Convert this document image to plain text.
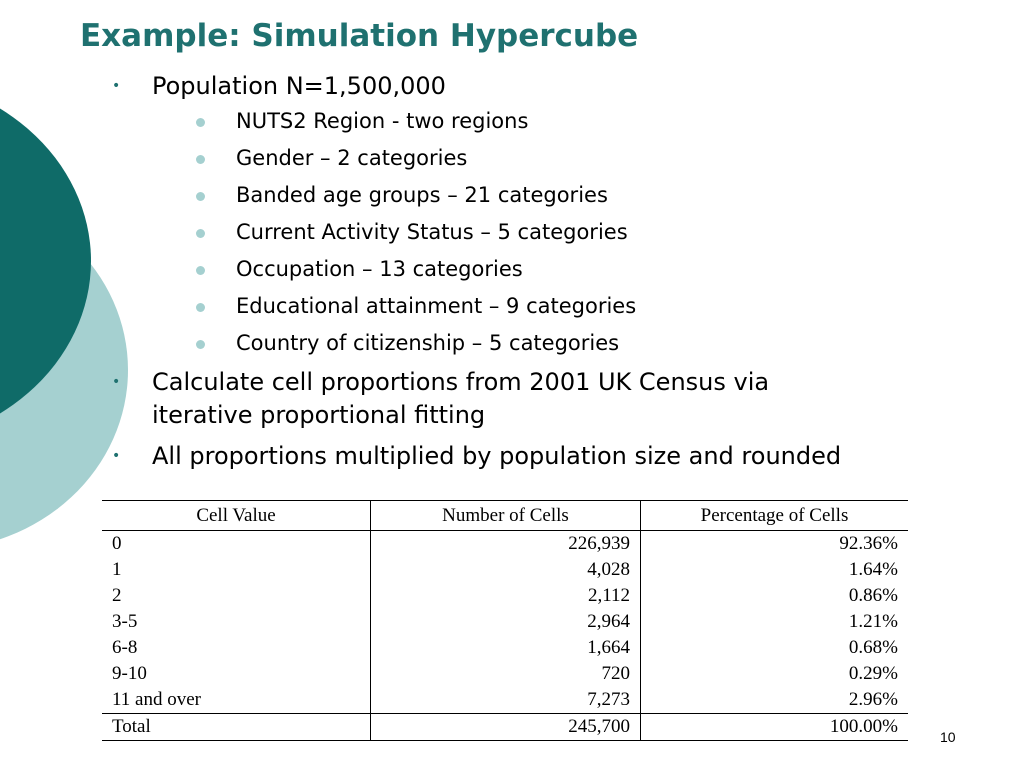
Example: Simulation Hypercube
• Population N=1,500,000
NUTS2 Region - two regions
Gender – 2 categories
Banded age groups – 21 categories
Current Activity Status – 5 categories
Occupation – 13 categories
Educational attainment – 9 categories
Country of citizenship – 5 categories
• Calculate cell proportions from 2001 UK Census via
iterative proportional fitting
• All proportions multiplied by population size and rounded
Cell Value	Number of Cells	Percentage of Cells
0	226,939	92.36%
1	4,028	1.64%
2	2,112	0.86%
3-5	2,964	1.21%
6-8	1,664	0.68%
9-10	720	0.29%
11 and over	7,273	2.96%
Total	245,700	100.00%	10
